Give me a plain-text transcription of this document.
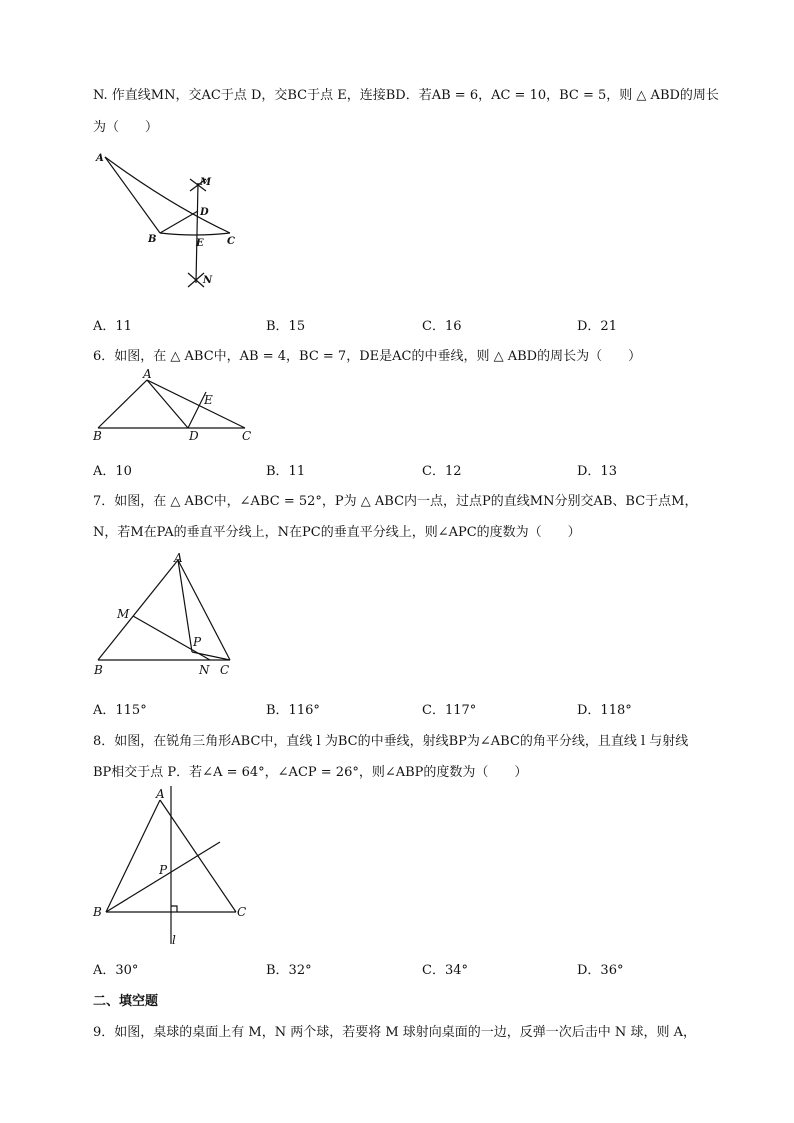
N. 作直线MN，交AC于点 D，交BC于点 E，连接BD．若AB = 6，AC = 10，BC = 5，则 △ ABD的周长
为（　　）
A
M
D
B	E C
N
A．11	B．15	C．16	D．21
6．如图，在 △ ABC中，AB = 4，BC = 7，DE是AC的中垂线，则 △ ABD的周长为（　　）
A
E
B	D	C
A．10	B．11	C．12	D．13
7．如图，在 △ ABC中，∠ABC = 52°，P为 △ ABC内一点，过点P的直线MN分别交AB、BC于点M，
N，若M在PA的垂直平分线上，N在PC的垂直平分线上，则∠APC的度数为（　　）
A
M
P
B	N C
A．115°	B．116°	C．117°	D．118°
8．如图，在锐角三角形ABC中，直线 l 为BC的中垂线，射线BP为∠ABC的角平分线，且直线 l 与射线
BP相交于点 P．若∠A = 64°，∠ACP = 26°，则∠ABP的度数为（　　）
A
P
B	C
l
A．30°	B．32°	C．34°	D．36°
二、填空题
9．如图，桌球的桌面上有 M，N 两个球，若要将 M 球射向桌面的一边，反弹一次后击中 N 球，则 A，
